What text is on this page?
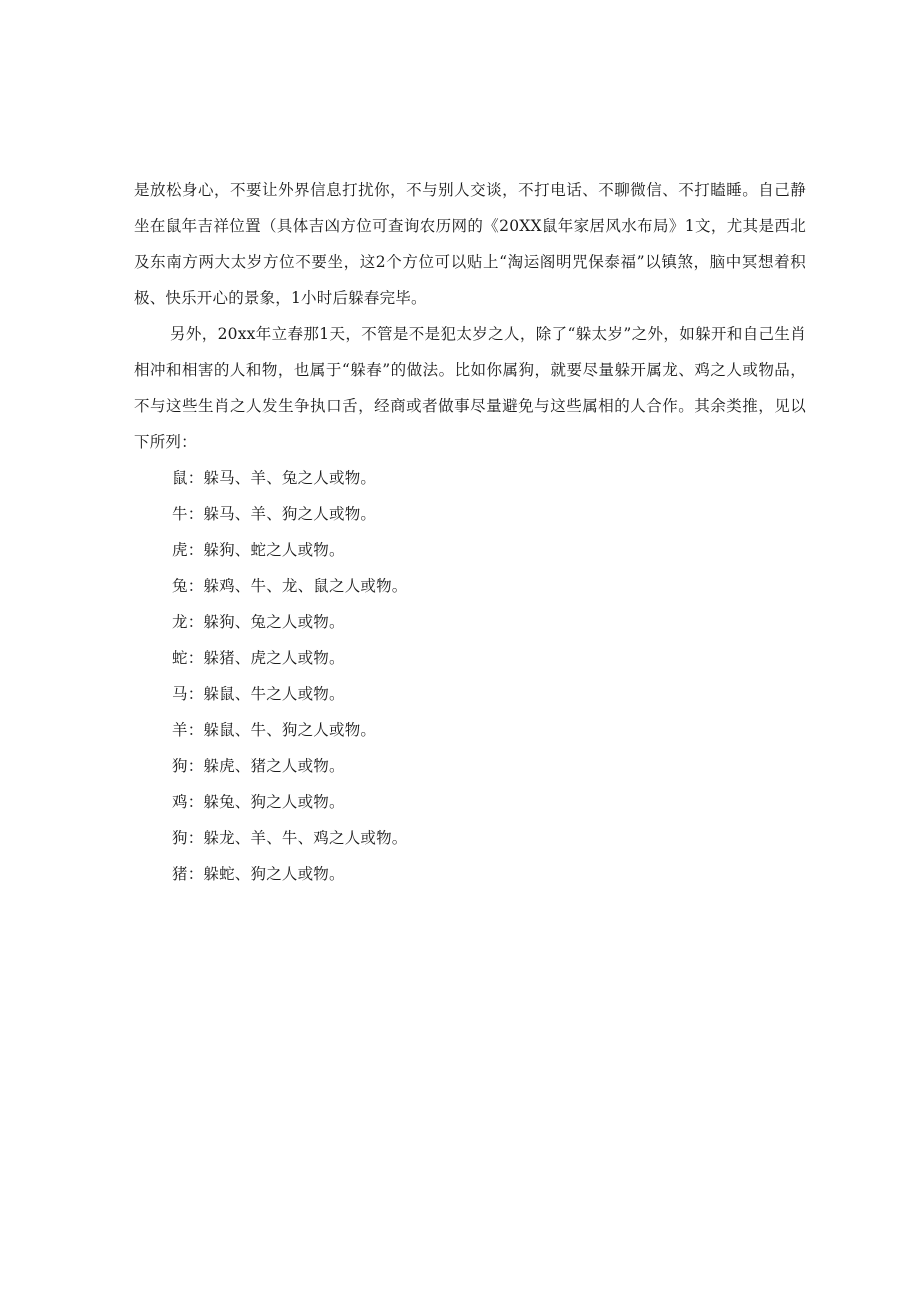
是放松身心，不要让外界信息打扰你，不与别人交谈，不打电话、不聊微信、不打瞌睡。自己静坐在鼠年吉祥位置（具体吉凶方位可查询农历网的《20XX鼠年家居风水布局》1文，尤其是西北及东南方两大太岁方位不要坐，这2个方位可以贴上“淘运阁明咒保泰福”以镇煞，脑中冥想着积极、快乐开心的景象，1小时后躲春完毕。

另外，20xx年立春那1天，不管是不是犯太岁之人，除了“躲太岁”之外，如躲开和自己生肖相冲和相害的人和物，也属于“躲春”的做法。比如你属狗，就要尽量躲开属龙、鸡之人或物品，不与这些生肖之人发生争执口舌，经商或者做事尽量避免与这些属相的人合作。其余类推，见以下所列：

鼠：躲马、羊、兔之人或物。
牛：躲马、羊、狗之人或物。
虎：躲狗、蛇之人或物。
兔：躲鸡、牛、龙、鼠之人或物。
龙：躲狗、兔之人或物。
蛇：躲猪、虎之人或物。
马：躲鼠、牛之人或物。
羊：躲鼠、牛、狗之人或物。
狗：躲虎、猪之人或物。
鸡：躲兔、狗之人或物。
狗：躲龙、羊、牛、鸡之人或物。
猪：躲蛇、狗之人或物。
